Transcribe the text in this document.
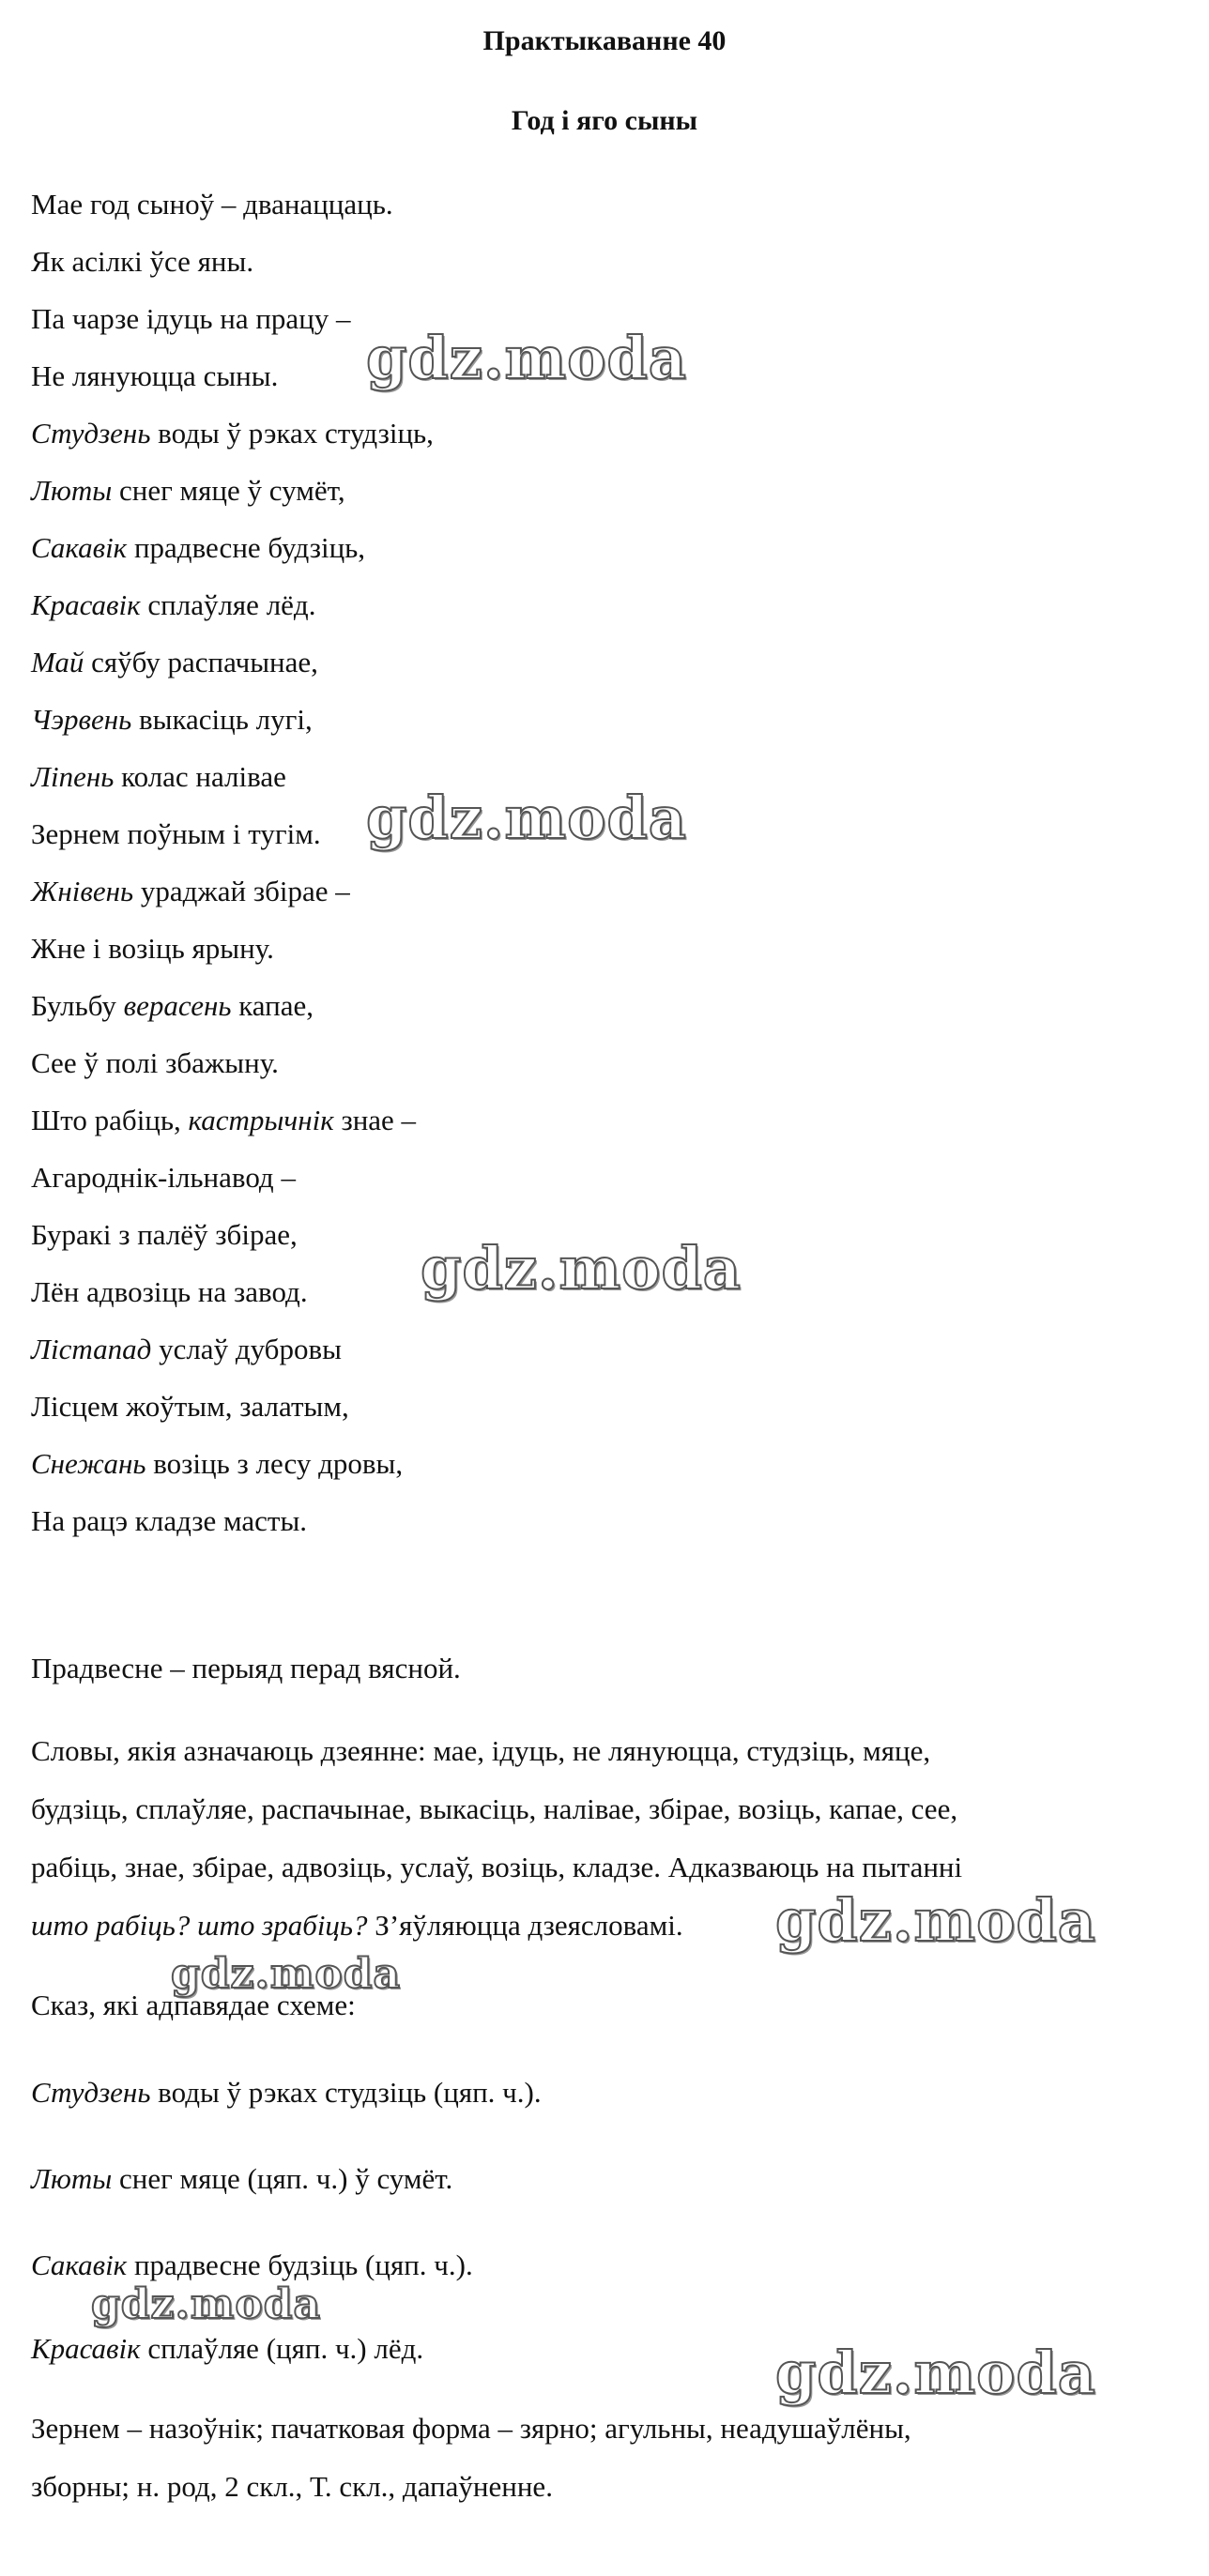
Практыкаванне 40
Год і яго сыны
Мае год сыноў – дванаццаць.
Як асілкі ўсе яны.
Па чарзе ідуць на працу –
Не лянуюцца сыны.
Студзень воды ў рэках студзіць,
Люты снег мяце ў сумёт,
Сакавік прадвесне будзіць,
Красавік сплаўляе лёд.
Май сяўбу распачынае,
Чэрвень выкасіць лугі,
Ліпень колас налівае
Зернем поўным і тугім.
Жнівень ураджай збірае –
Жне і возіць ярыну.
Бульбу верасень капае,
Сее ў полі збажыну.
Што рабіць, кастрычнік знае –
Агароднік-ільнавод –
Буракі з палёў збірае,
Лён адвозіць на завод.
Лістапад услаў дубровы
Лісцем жоўтым, залатым,
Снежань возіць з лесу дровы,
На рацэ кладзе масты.
Прадвесне – перыяд перад вясной.
Словы, якія азначаюць дзеянне: мае, ідуць, не лянуюцца, студзіць, мяце,
будзіць, сплаўляе, распачынае, выкасіць, налівае, збірае, возіць, капае, сее,
рабіць, знае, збірае, адвозіць, услаў, возіць, кладзе. Адказваюць на пытанні
што рабіць? што зрабіць? З’яўляюцца дзеясловамі.
Сказ, які адпавядае схеме:
Студзень воды ў рэках студзіць (цяп. ч.).
Люты снег мяце (цяп. ч.) ў сумёт.
Сакавік прадвесне будзіць (цяп. ч.).
Красавік сплаўляе (цяп. ч.) лёд.
Зернем – назоўнік; пачатковая форма – зярно; агульны, неадушаўлёны,
зборны; н. род, 2 скл., Т. скл., дапаўненне.
gdz.moda
gdz.moda
gdz.moda
gdz.moda
gdz.moda
gdz.moda
gdz.moda
